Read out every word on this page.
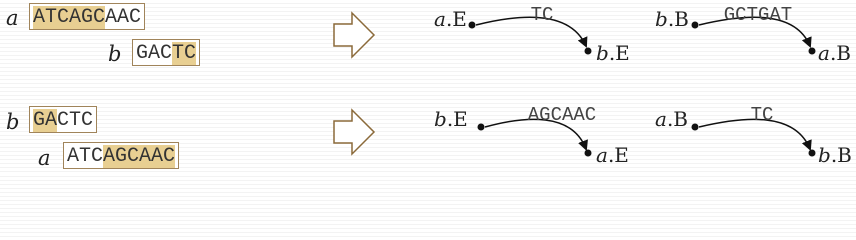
a ATCAGCAAC
b GACTC
b GACTC
a ATCAGCAAC
a.E	TC
b.E
b.B	GCTGAT
a.B
b.E	AGCAAC
a.E
a.B	TC
b.B
